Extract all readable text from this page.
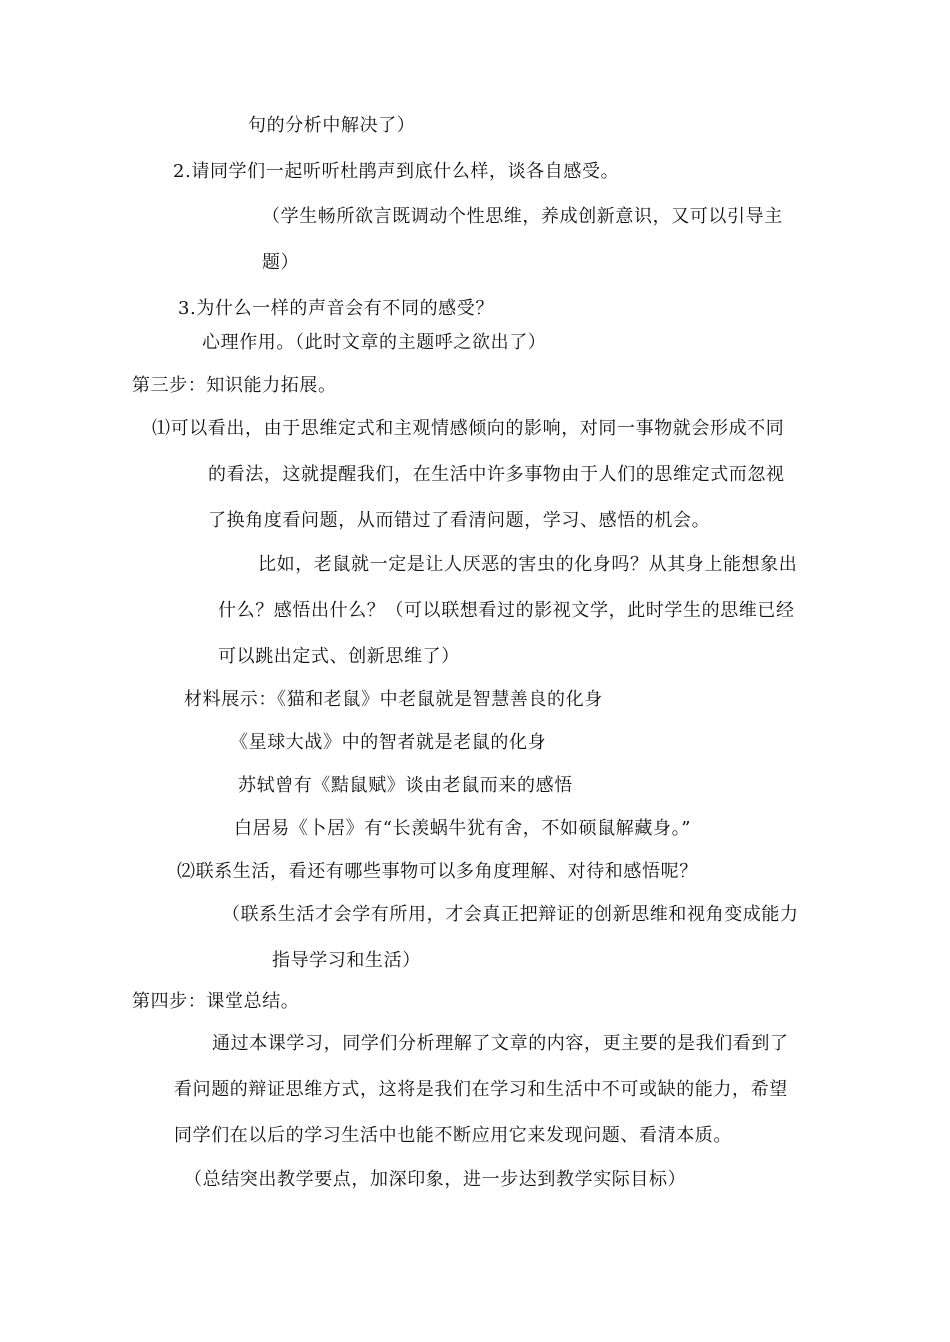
句的分析中解决了）
2.请同学们一起听听杜鹃声到底什么样，谈各自感受。
（学生畅所欲言既调动个性思维，养成创新意识，又可以引导主
题）
3.为什么一样的声音会有不同的感受？
心理作用。（此时文章的主题呼之欲出了）
第三步：知识能力拓展。
⑴可以看出，由于思维定式和主观情感倾向的影响，对同一事物就会形成不同
的看法，这就提醒我们，在生活中许多事物由于人们的思维定式而忽视
了换角度看问题，从而错过了看清问题，学习、感悟的机会。
比如，老鼠就一定是让人厌恶的害虫的化身吗？从其身上能想象出
什么？感悟出什么？（可以联想看过的影视文学，此时学生的思维已经
可以跳出定式、创新思维了）
材料展示：《猫和老鼠》中老鼠就是智慧善良的化身
《星球大战》中的智者就是老鼠的化身
苏轼曾有《黠鼠赋》谈由老鼠而来的感悟
白居易《卜居》有“长羡蜗牛犹有舍，不如硕鼠解藏身。”
⑵联系生活，看还有哪些事物可以多角度理解、对待和感悟呢？
（联系生活才会学有所用，才会真正把辩证的创新思维和视角变成能力
指导学习和生活）
第四步：课堂总结。
通过本课学习，同学们分析理解了文章的内容，更主要的是我们看到了
看问题的辩证思维方式，这将是我们在学习和生活中不可或缺的能力，希望
同学们在以后的学习生活中也能不断应用它来发现问题、看清本质。
（总结突出教学要点，加深印象，进一步达到教学实际目标）
